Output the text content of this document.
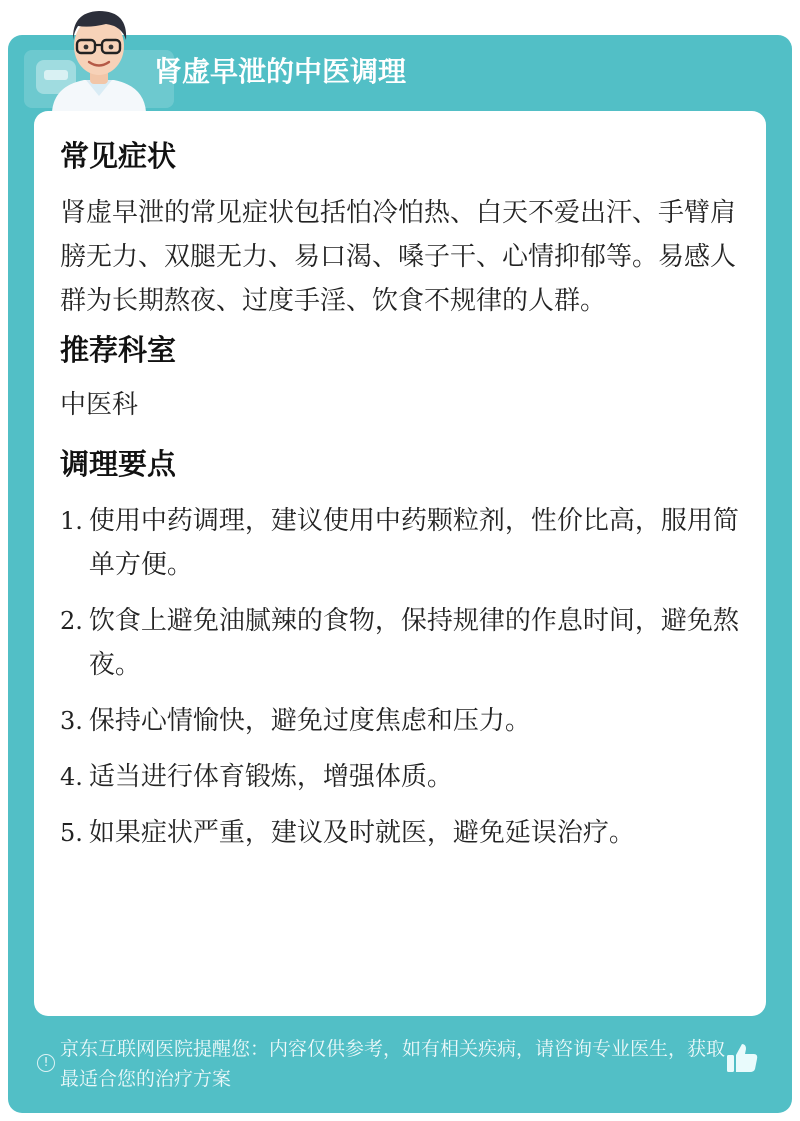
肾虚早泄的中医调理
常见症状
肾虚早泄的常见症状包括怕冷怕热、白天不爱出汗、手臂肩膀无力、双腿无力、易口渴、嗓子干、心情抑郁等。易感人群为长期熬夜、过度手淫、饮食不规律的人群。
推荐科室
中医科
调理要点
1. 使用中药调理，建议使用中药颗粒剂，性价比高，服用简单方便。
2. 饮食上避免油腻辣的食物，保持规律的作息时间，避免熬夜。
3. 保持心情愉快，避免过度焦虑和压力。
4. 适当进行体育锻炼，增强体质。
5. 如果症状严重，建议及时就医，避免延误治疗。
!
京东互联网医院提醒您：内容仅供参考，如有相关疾病，请咨询专业医生，获取最适合您的治疗方案
